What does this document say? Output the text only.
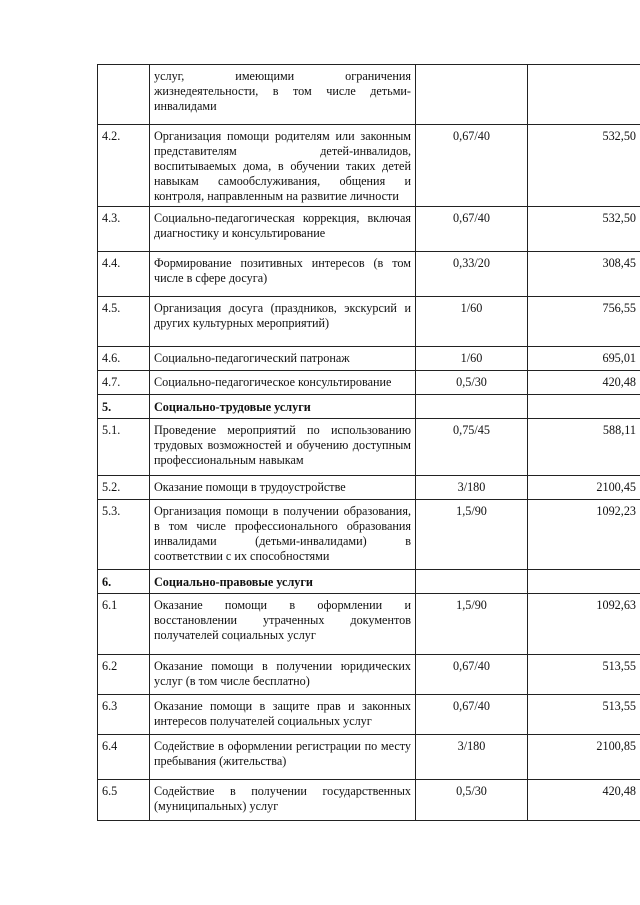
	услуг, имеющими ограничения жизнедеятельности, в том числе детьми-инвалидами		
4.2.	Организация помощи родителям или законным представителям детей-инвалидов, воспитываемых дома, в обучении таких детей навыкам самообслуживания, общения и контроля, направленным на развитие личности	0,67/40	532,50
4.3.	Социально-педагогическая коррекция, включая диагностику и консультирование	0,67/40	532,50
4.4.	Формирование позитивных интересов (в том числе в сфере досуга)	0,33/20	308,45
4.5.	Организация досуга (праздников, экскурсий и других культурных мероприятий)	1/60	756,55
4.6.	Социально-педагогический патронаж	1/60	695,01
4.7.	Социально-педагогическое консультирование	0,5/30	420,48
5.	Социально-трудовые услуги		
5.1.	Проведение мероприятий по использованию трудовых возможностей и обучению доступным профессиональным навыкам	0,75/45	588,11
5.2.	Оказание помощи в трудоустройстве	3/180	2100,45
5.3.	Организация помощи в получении образования, в том числе профессионального образования инвалидами (детьми-инвалидами) в соответствии с их способностями	1,5/90	1092,23
6.	Социально-правовые услуги		
6.1	Оказание помощи в оформлении и восстановлении утраченных документов получателей социальных услуг	1,5/90	1092,63
6.2	Оказание помощи в получении юридических услуг (в том числе бесплатно)	0,67/40	513,55
6.3	Оказание помощи в защите прав и законных интересов получателей социальных услуг	0,67/40	513,55
6.4	Содействие в оформлении регистрации по месту пребывания (жительства)	3/180	2100,85
6.5	Содействие в получении государственных (муниципальных) услуг	0,5/30	420,48
